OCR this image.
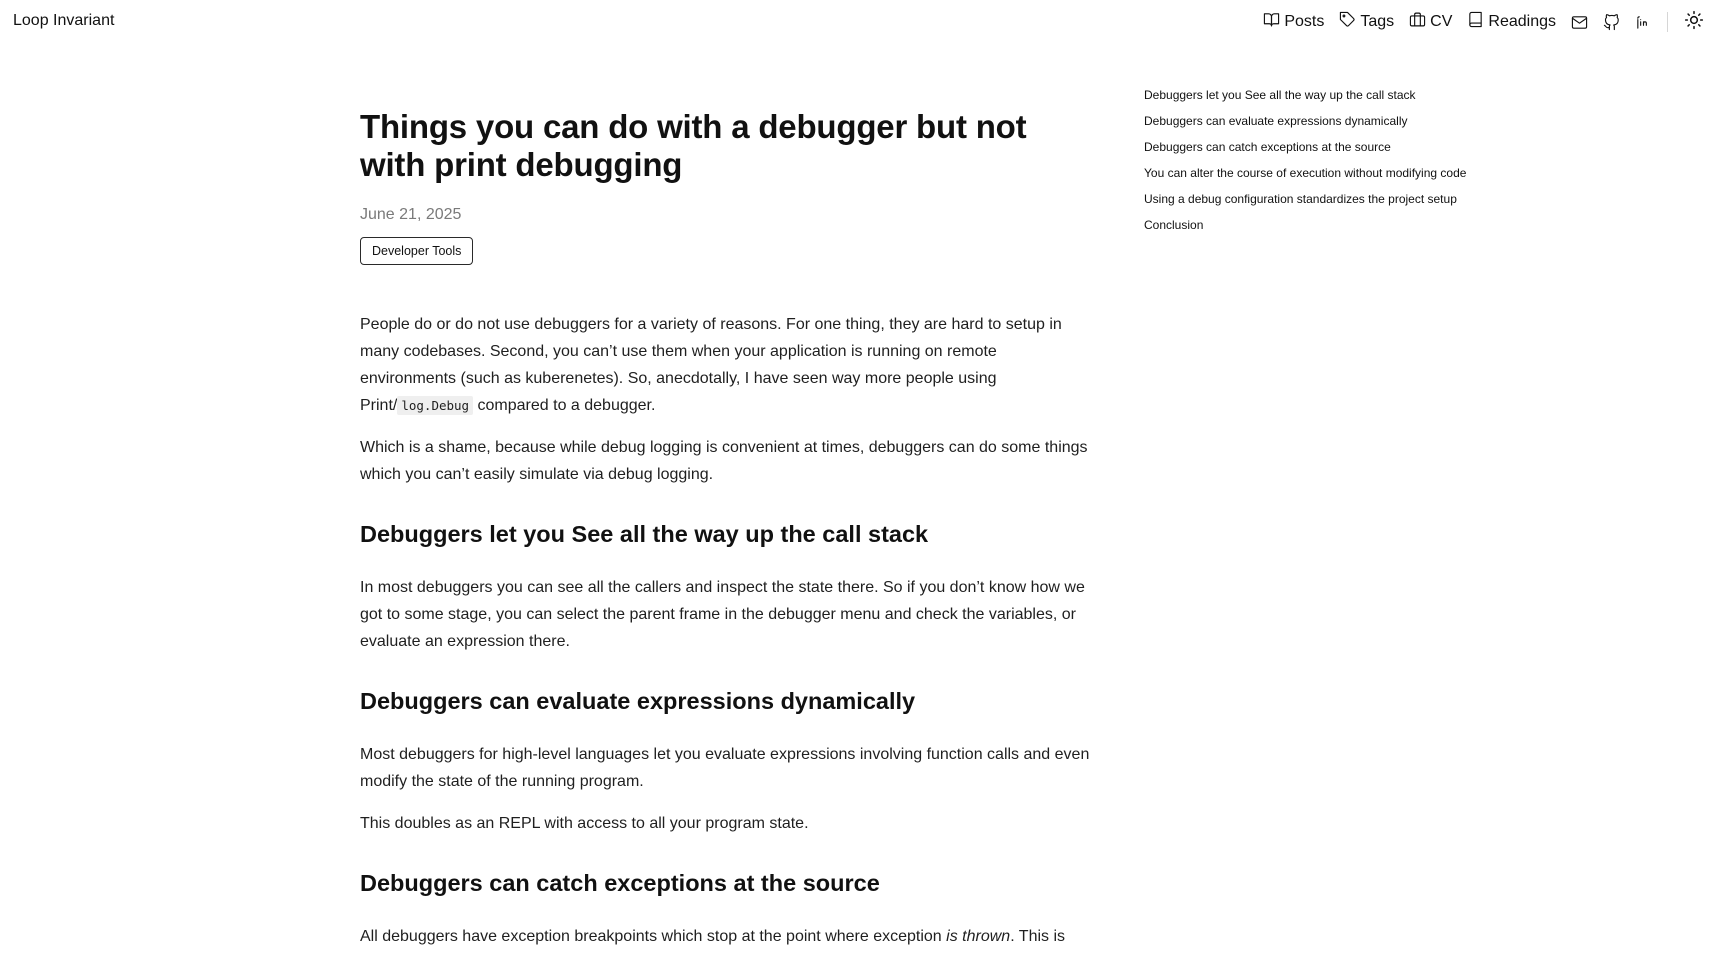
Loop Invariant	Posts Tags CV Readings
Things you can do with a debugger but not with print debugging
June 21, 2025
Developer Tools

People do or do not use debuggers for a variety of reasons. For one thing, they are hard to setup in many codebases. Second, you can’t use them when your application is running on remote environments (such as kuberenetes). So, anecdotally, I have seen way more people using Print/ log.Debug compared to a debugger.

Which is a shame, because while debug logging is convenient at times, debuggers can do some things which you can’t easily simulate via debug logging.

Debuggers let you See all the way up the call stack

In most debuggers you can see all the callers and inspect the state there. So if you don’t know how we got to some stage, you can select the parent frame in the debugger menu and check the variables, or evaluate an expression there.

Debuggers can evaluate expressions dynamically

Most debuggers for high-level languages let you evaluate expressions involving function calls and even modify the state of the running program.

This doubles as an REPL with access to all your program state.

Debuggers can catch exceptions at the source

All debuggers have exception breakpoints which stop at the point where exception is thrown. This is

Debuggers let you See all the way up the call stack
Debuggers can evaluate expressions dynamically
Debuggers can catch exceptions at the source
You can alter the course of execution without modifying code
Using a debug configuration standardizes the project setup
Conclusion
